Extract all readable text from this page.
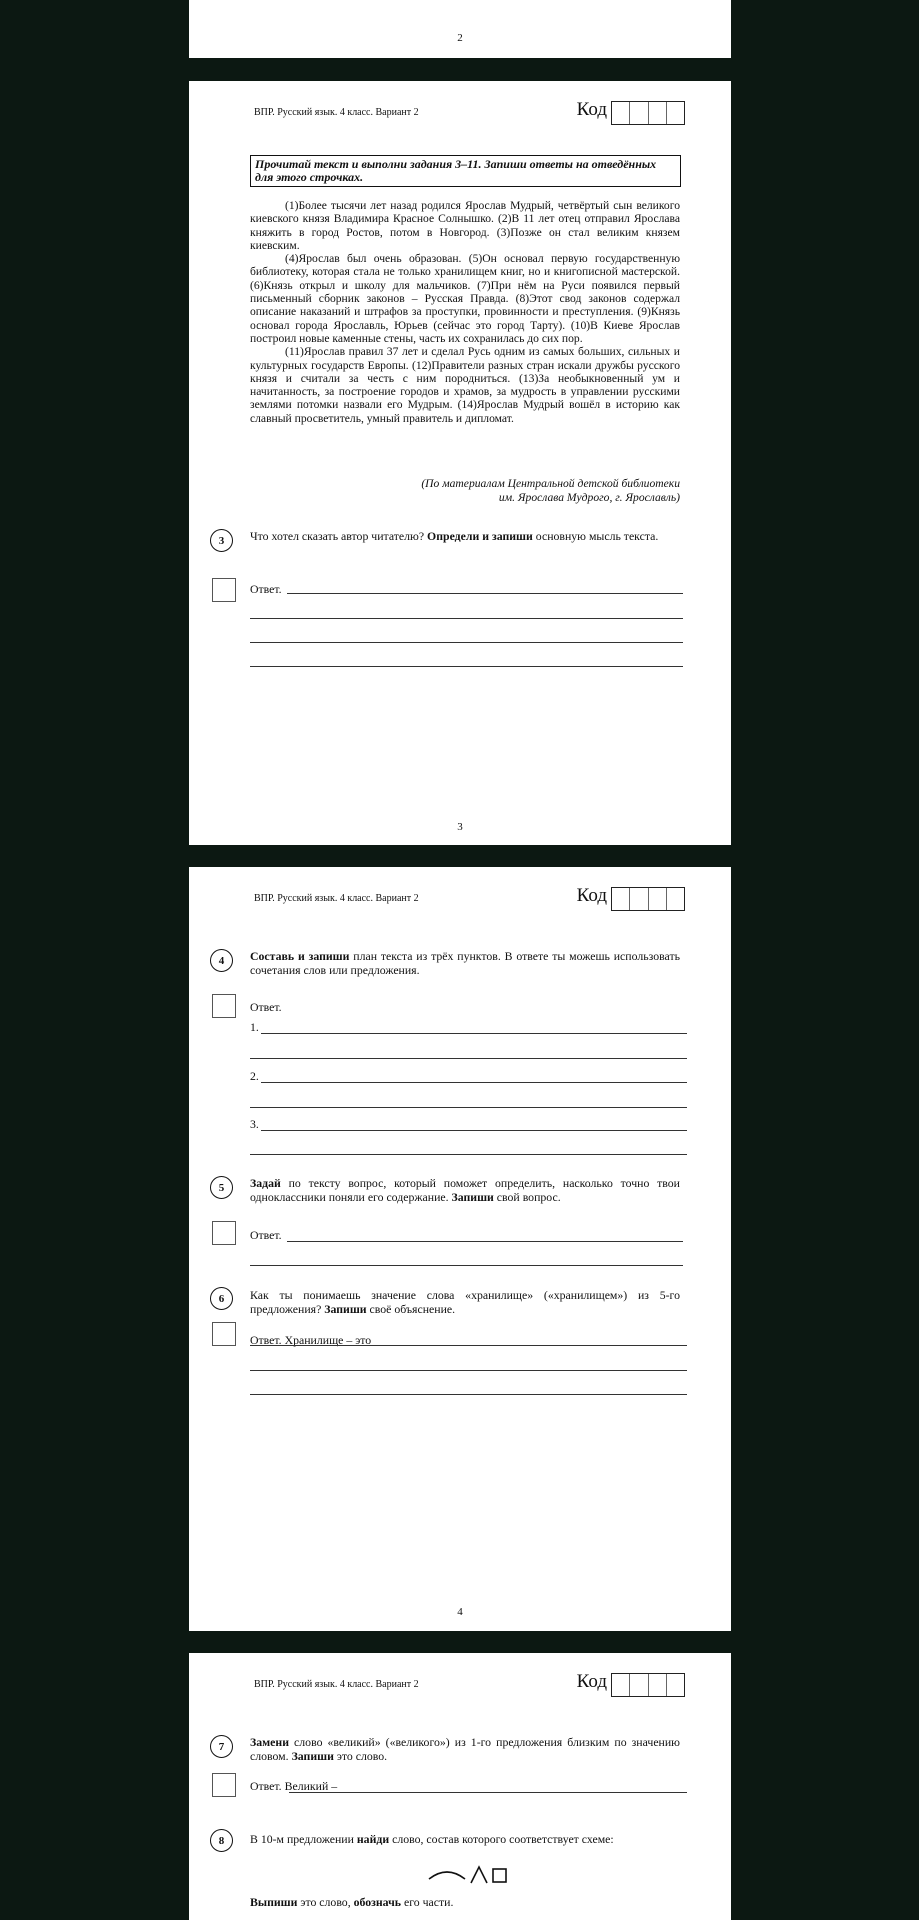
2
ВПР. Русский язык. 4 класс. Вариант 2	Код
Прочитай текст и выполни задания 3–11. Запиши ответы на отведённых для этого строчках.

(1)Более тысячи лет назад родился Ярослав Мудрый, четвёртый сын великого киевского князя Владимира Красное Солнышко. (2)В 11 лет отец отправил Ярослава княжить в город Ростов, потом в Новгород. (3)Позже он стал великим князем киевским.

(4)Ярослав был очень образован. (5)Он основал первую государственную библиотеку, которая стала не только хранилищем книг, но и книгописной мастерской. (6)Князь открыл и школу для мальчиков. (7)При нём на Руси появился первый письменный сборник законов – Русская Правда. (8)Этот свод законов содержал описание наказаний и штрафов за проступки, провинности и преступления. (9)Князь основал города Ярославль, Юрьев (сейчас это город Тарту). (10)В Киеве Ярослав построил новые каменные стены, часть их сохранилась до сих пор.

(11)Ярослав правил 37 лет и сделал Русь одним из самых больших, сильных и культурных государств Европы. (12)Правители разных стран искали дружбы русского князя и считали за честь с ним породниться. (13)За необыкновенный ум и начитанность, за построение городов и храмов, за мудрость в управлении русскими землями потомки назвали его Мудрым. (14)Ярослав Мудрый вошёл в историю как славный просветитель, умный правитель и дипломат.

(По материалам Центральной детской библиотеки
им. Ярослава Мудрого, г. Ярославль)
3	Что хотел сказать автор читателю? Определи и запиши основную мысль текста.
Ответ.
3
ВПР. Русский язык. 4 класс. Вариант 2	Код
4	Составь и запиши план текста из трёх пунктов. В ответе ты можешь использовать сочетания слов или предложения.
Ответ.
1.
2.
3.
5	Задай по тексту вопрос, который поможет определить, насколько точно твои одноклассники поняли его содержание. Запиши свой вопрос.
Ответ.
6	Как ты понимаешь значение слова «хранилище» («хранилищем») из 5-го предложения? Запиши своё объяснение.
Ответ. Хранилище – это
4
ВПР. Русский язык. 4 класс. Вариант 2	Код
7	Замени слово «великий» («великого») из 1-го предложения близким по значению словом. Запиши это слово.
Ответ. Великий –
8	В 10-м предложении найди слово, состав которого соответствует схеме:
Выпиши это слово, обозначь его части.
